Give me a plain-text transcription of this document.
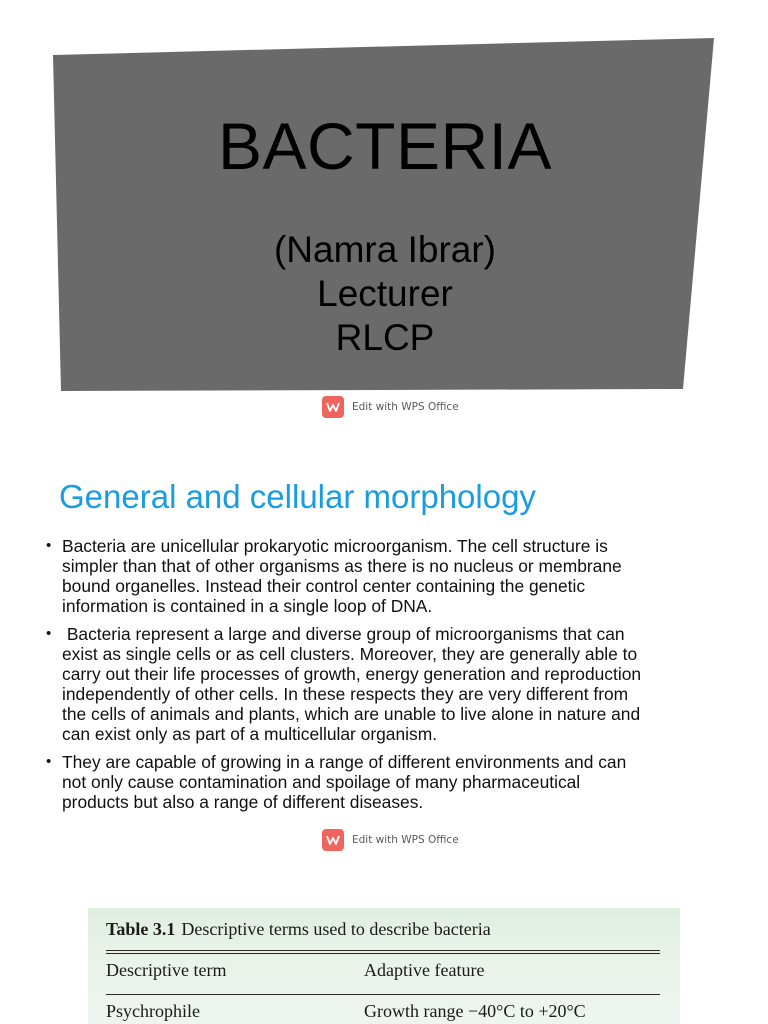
BACTERIA
(Namra Ibrar)
Lecturer
RLCP
Edit with WPS Office
General and cellular morphology
• Bacteria are unicellular prokaryotic microorganism. The cell structure is
simpler than that of other organisms as there is no nucleus or membrane
bound organelles. Instead their control center containing the genetic
information is contained in a single loop of DNA.

• Bacteria represent a large and diverse group of microorganisms that can
exist as single cells or as cell clusters. Moreover, they are generally able to
carry out their life processes of growth, energy generation and reproduction
independently of other cells. In these respects they are very different from
the cells of animals and plants, which are unable to live alone in nature and
can exist only as part of a multicellular organism.

• They are capable of growing in a range of different environments and can
not only cause contamination and spoilage of many pharmaceutical
products but also a range of different diseases.

Edit with WPS Office
Table 3.1 Descriptive terms used to describe bacteria
Descriptive term	Adaptive feature
Psychrophile	Growth range −40°C to +20°C
